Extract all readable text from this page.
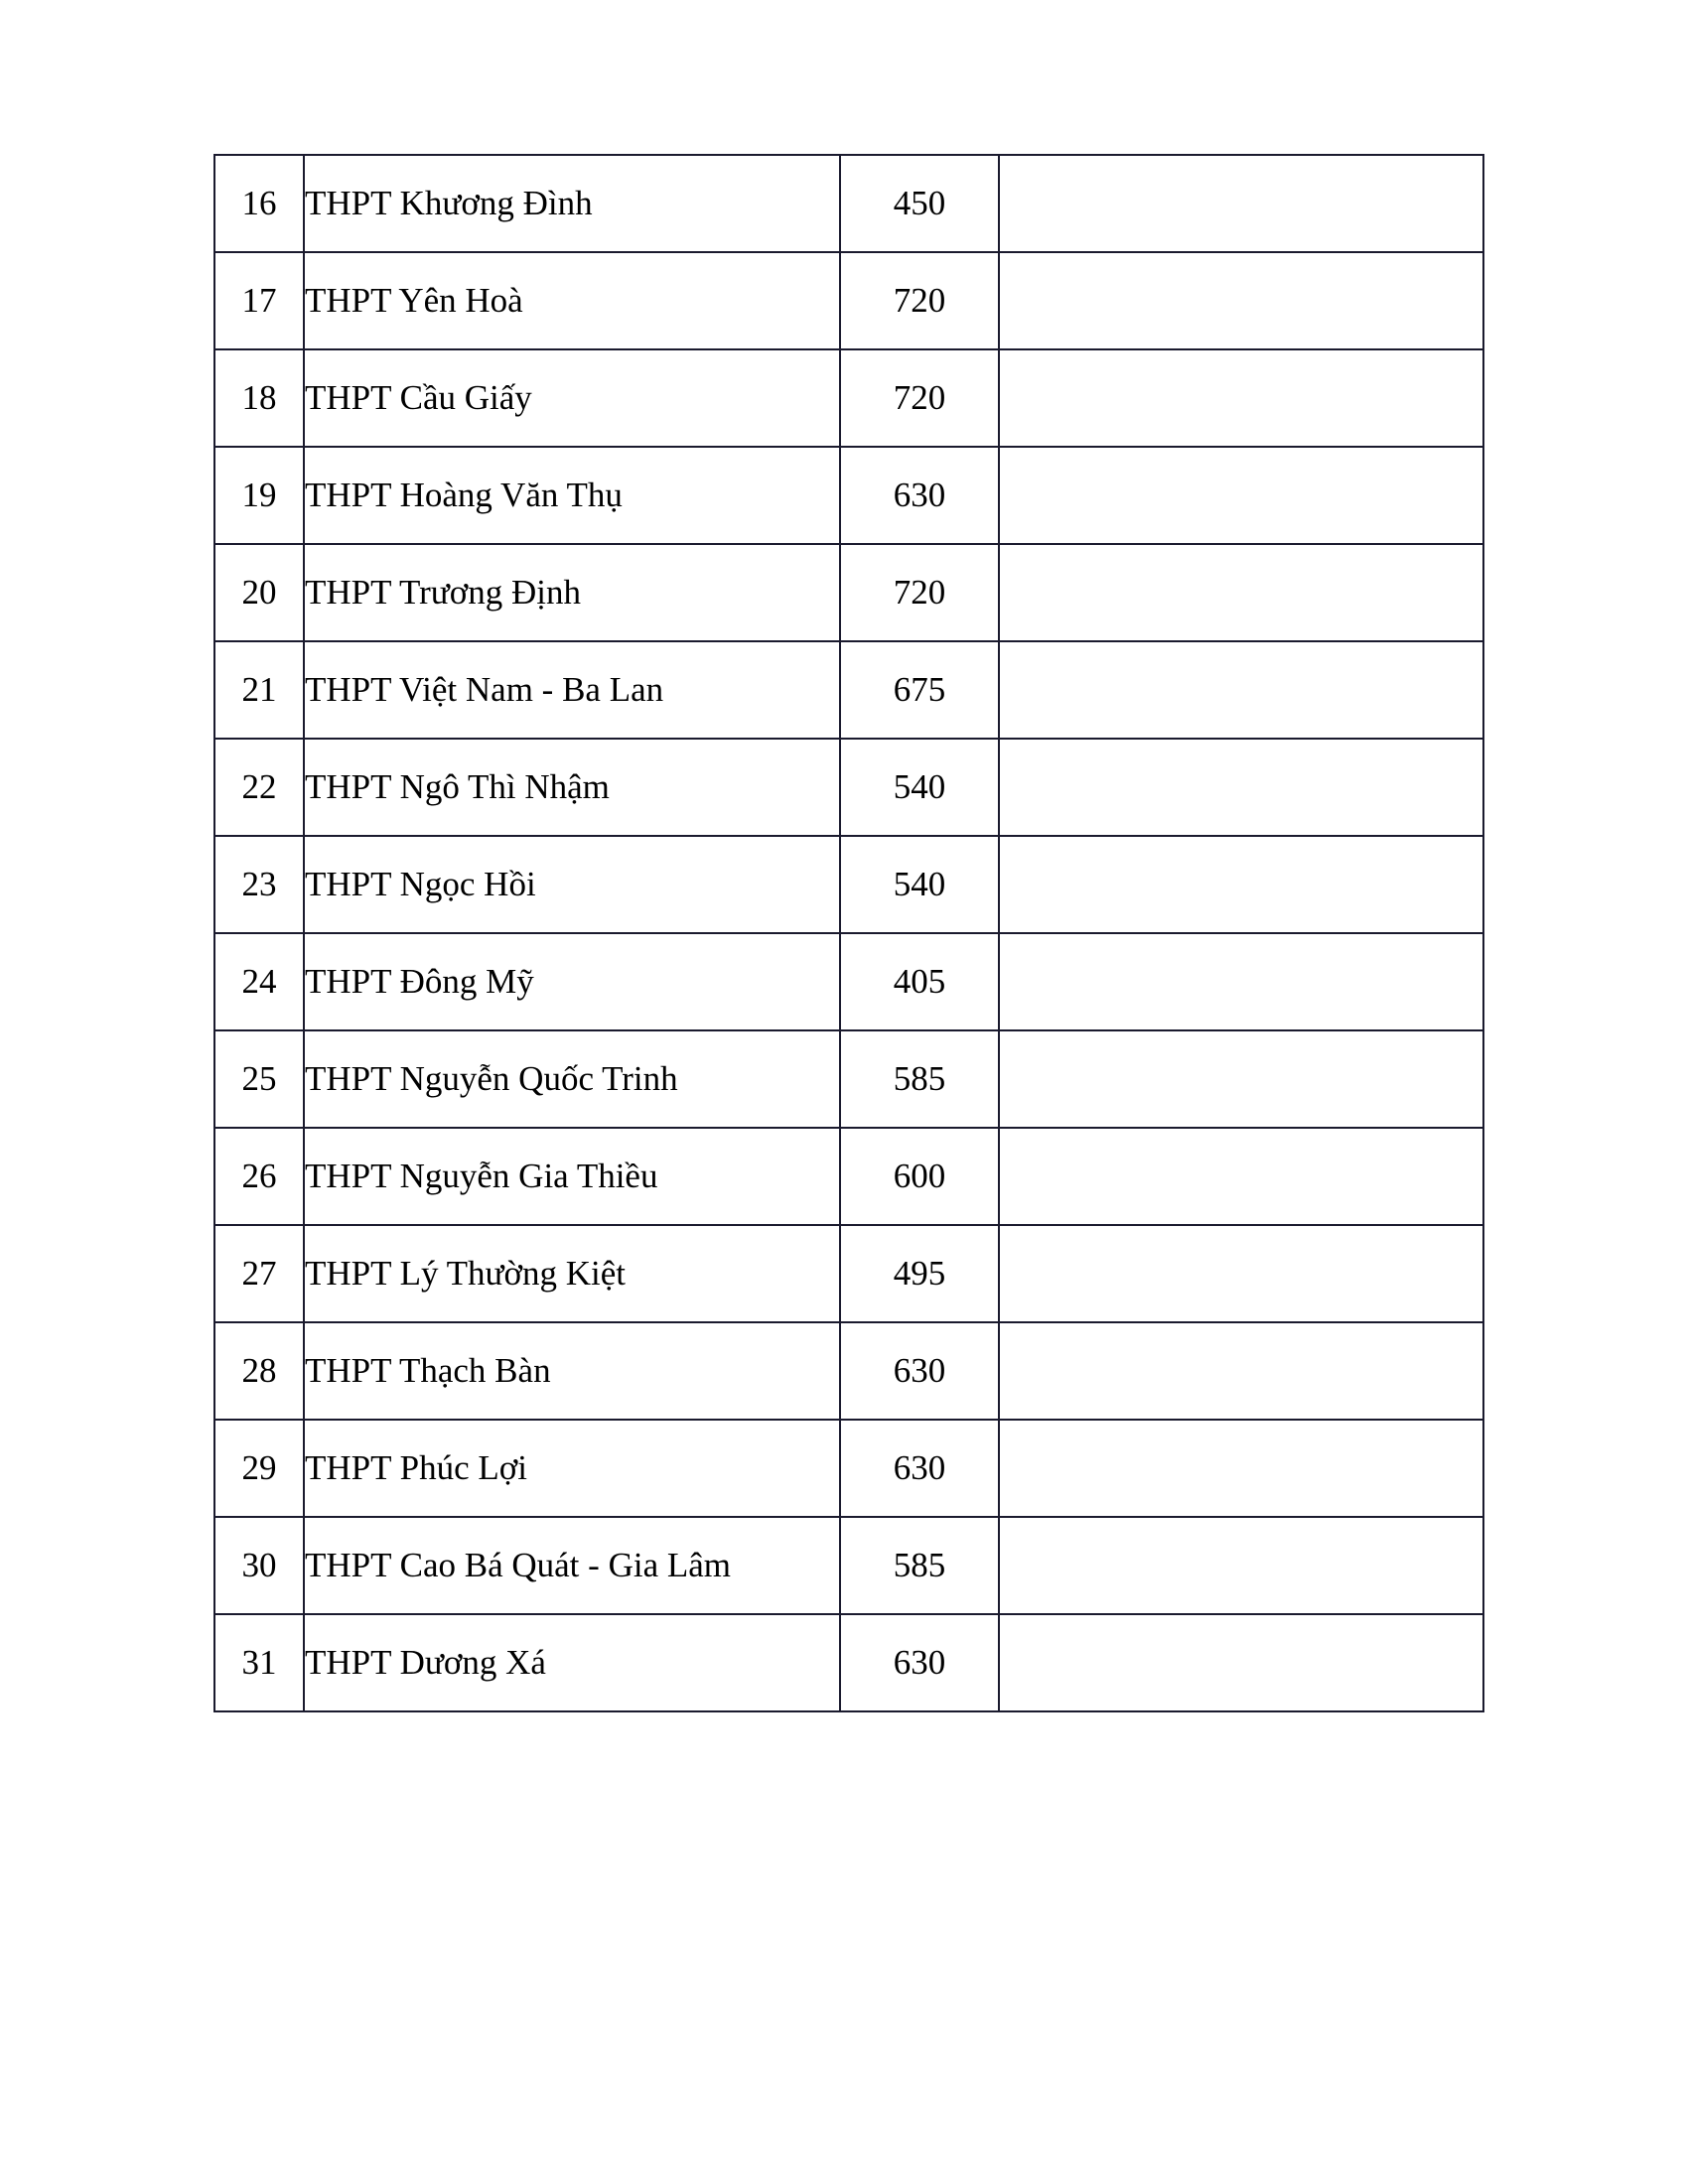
16	THPT Khương Đình	450	
17	THPT Yên Hoà	720	
18	THPT Cầu Giấy	720	
19	THPT Hoàng Văn Thụ	630	
20	THPT Trương Định	720	
21	THPT Việt Nam - Ba Lan	675	
22	THPT Ngô Thì Nhậm	540	
23	THPT Ngọc Hồi	540	
24	THPT Đông Mỹ	405	
25	THPT Nguyễn Quốc Trinh	585	
26	THPT Nguyễn Gia Thiều	600	
27	THPT Lý Thường Kiệt	495	
28	THPT Thạch Bàn	630	
29	THPT Phúc Lợi	630	
30	THPT Cao Bá Quát - Gia Lâm	585	
31	THPT Dương Xá	630	
